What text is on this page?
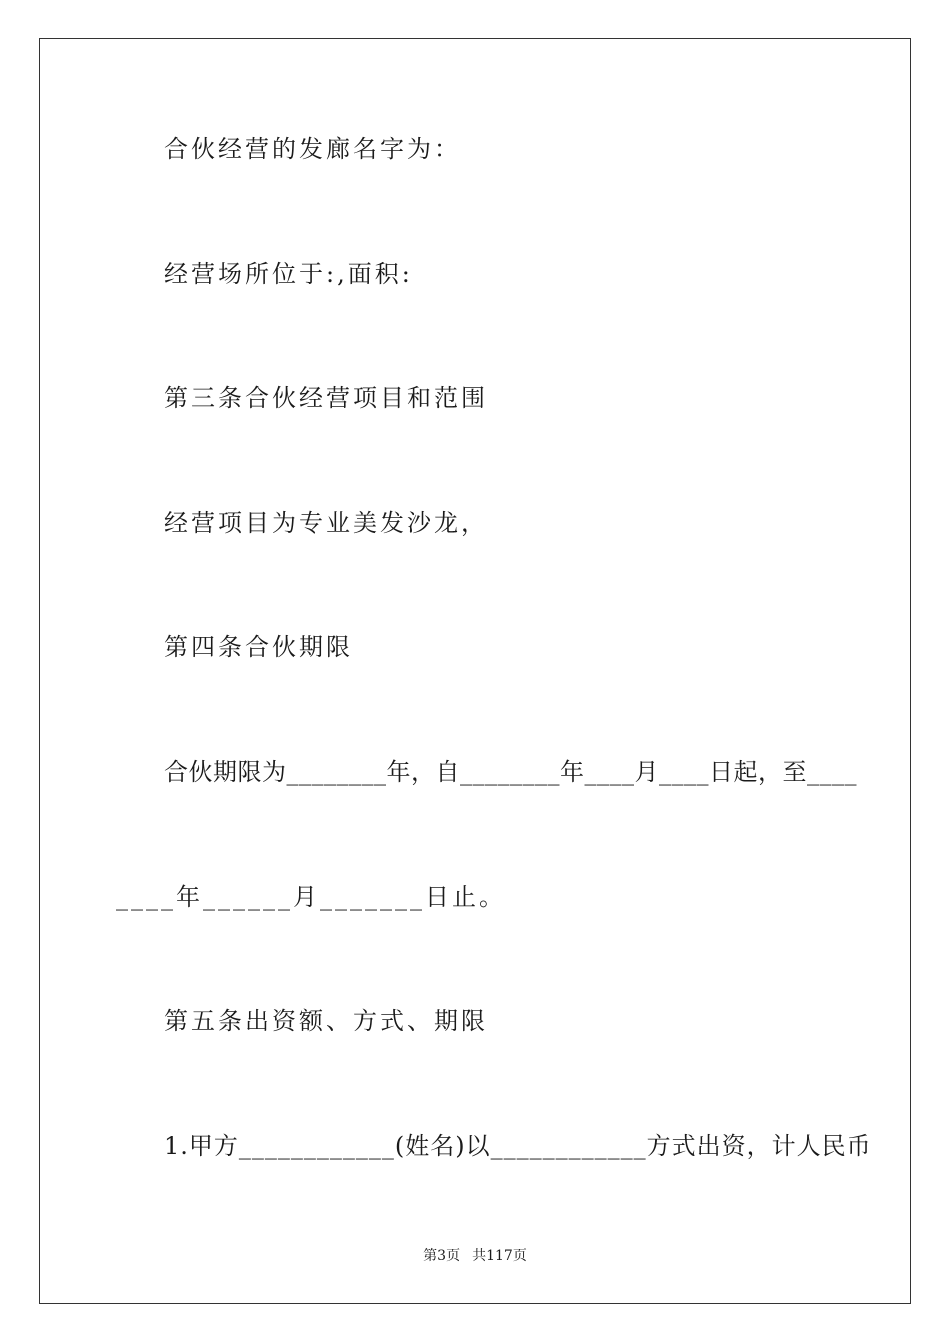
合伙经营的发廊名字为：
经营场所位于:,面积:
第三条合伙经营项目和范围
经营项目为专业美发沙龙，
第四条合伙期限
合伙期限为________年，自________年____月____日起，至____
____年______月_______日止。
第五条出资额、方式、期限
1.甲方____________(姓名)以____________方式出资，计人民币
第3页 共117页
